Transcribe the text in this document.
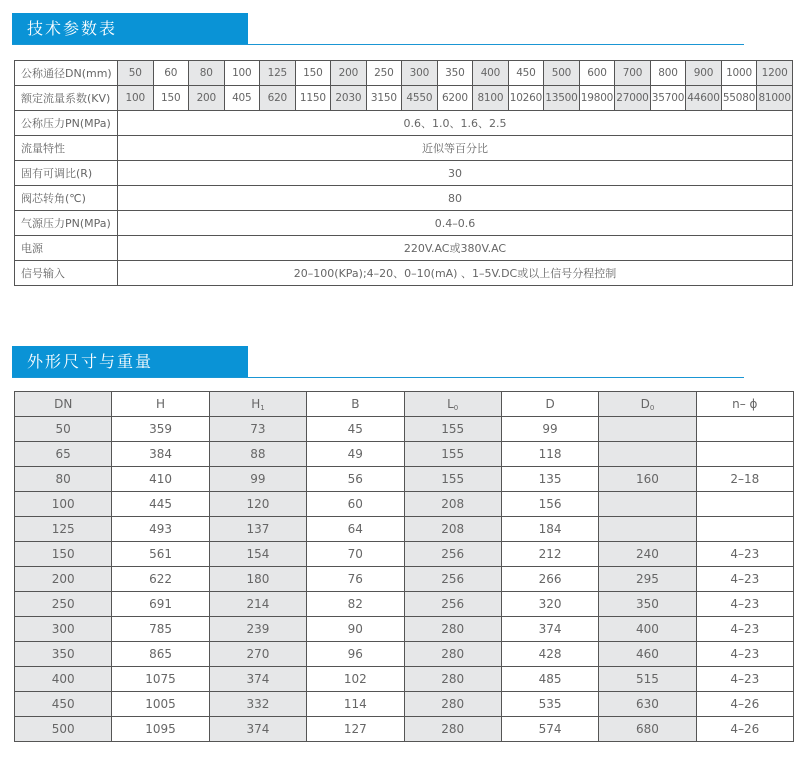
技术参数表
公称通径DN(mm)	50	60	80	100	125	150	200	250	300	350	400	450	500	600	700	800	900	1000	1200
额定流量系数(KV)	100	150	200	405	620	1150	2030	3150	4550	6200	8100	10260	13500	19800	27000	35700	44600	55080	81000
公称压力PN(MPa)	0.6、1.0、1.6、2.5																		
流量特性	近似等百分比																		
固有可调比(R)	30																		
阀芯转角(℃)	80																		
气源压力PN(MPa)	0.4–0.6																		
电源	220V.AC或380V.AC																		
信号输入	20–100(KPa);4–20、0–10(mA) 、1–5V.DC或以上信号分程控制																		
外形尺寸与重量
DN	H	$H_1$	B	$L_0$	D	$D_0$	n– ϕ
50	359	73	45	155	99		
65	384	88	49	155	118		
80	410	99	56	155	135	160	2–18
100	445	120	60	208	156		
125	493	137	64	208	184		
150	561	154	70	256	212	240	4–23
200	622	180	76	256	266	295	4–23
250	691	214	82	256	320	350	4–23
300	785	239	90	280	374	400	4–23
350	865	270	96	280	428	460	4–23
400	1075	374	102	280	485	515	4–23
450	1005	332	114	280	535	630	4–26
500	1095	374	127	280	574	680	4–26
